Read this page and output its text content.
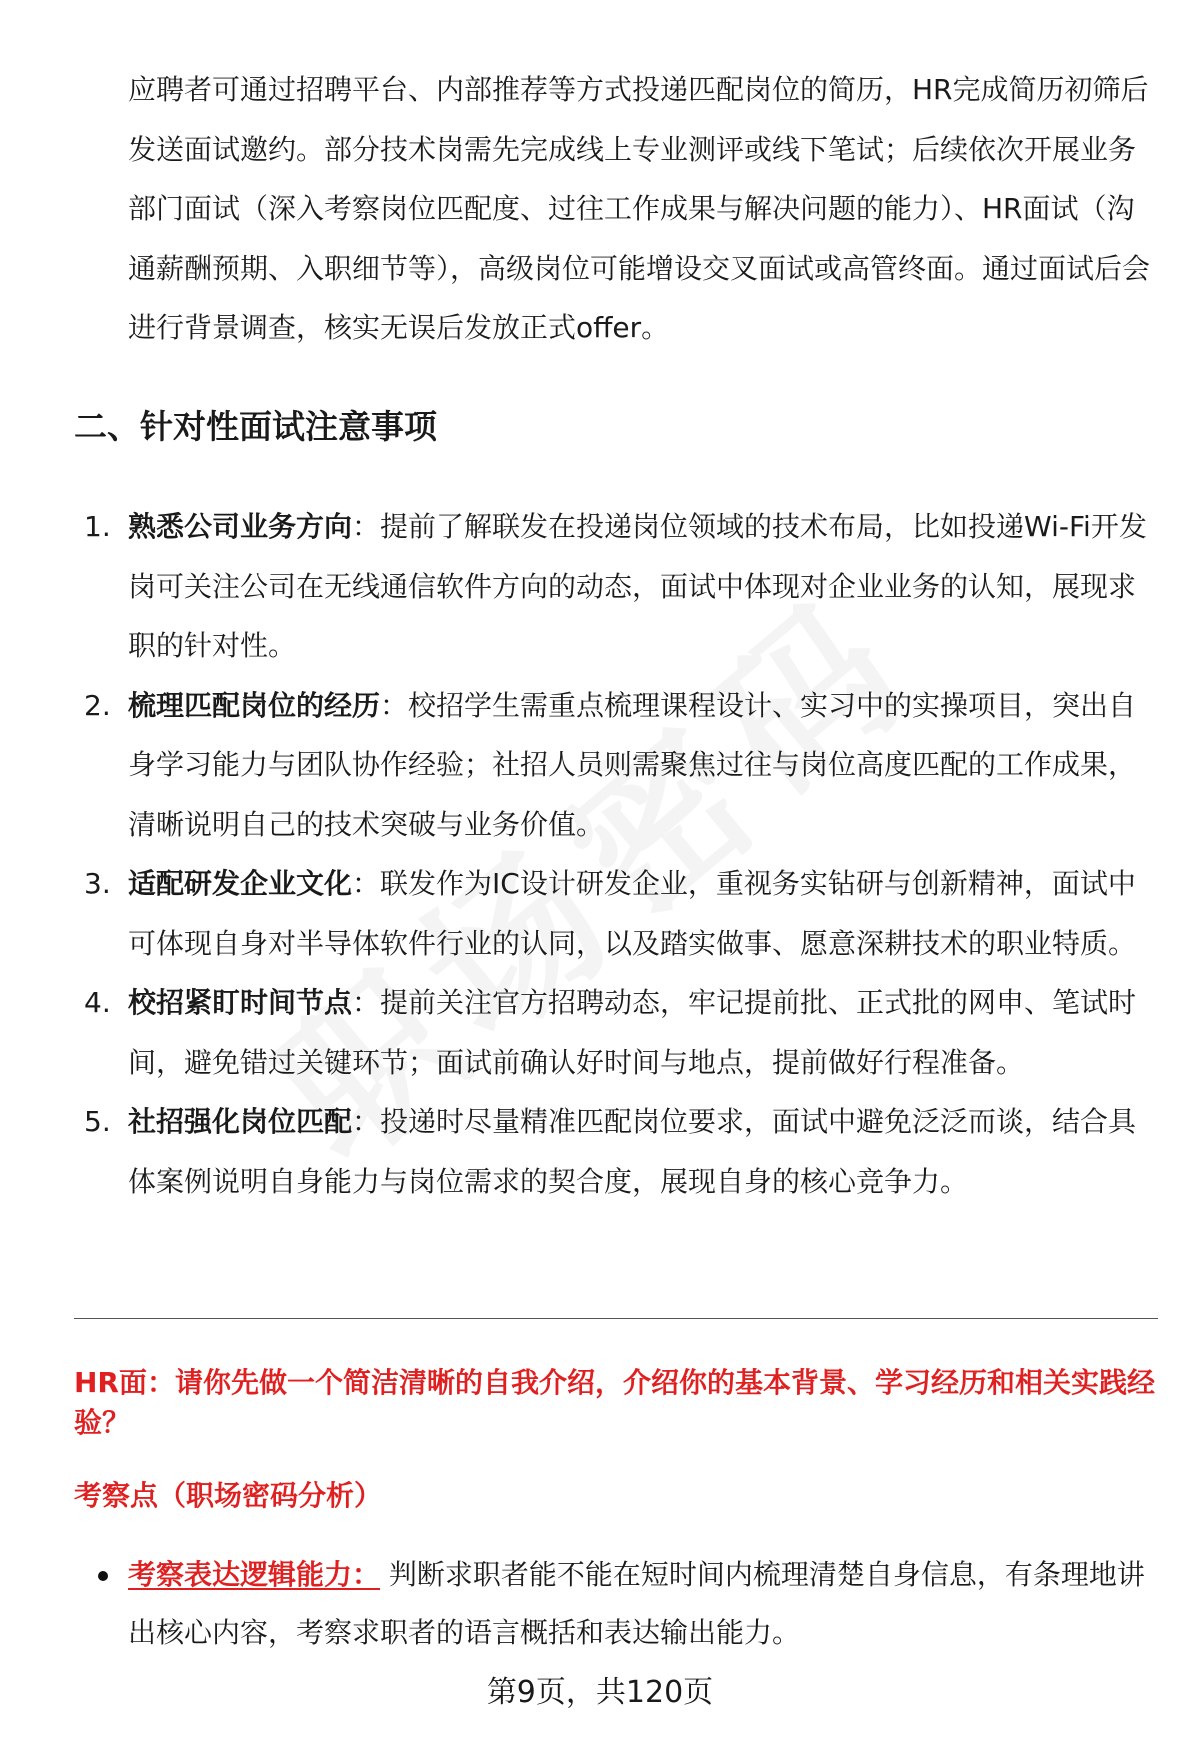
应聘者可通过招聘平台、内部推荐等方式投递匹配岗位的简历，HR完成简历初筛后发送面试邀约。部分技术岗需先完成线上专业测评或线下笔试；后续依次开展业务部门面试（深入考察岗位匹配度、过往工作成果与解决问题的能力）、HR面试（沟通薪酬预期、入职细节等），高级岗位可能增设交叉面试或高管终面。通过面试后会进行背景调查，核实无误后发放正式offer。

二、针对性面试注意事项
1. 熟悉公司业务方向：提前了解联发在投递岗位领域的技术布局，比如投递Wi-Fi开发岗可关注公司在无线通信软件方向的动态，面试中体现对企业业务的认知，展现求职的针对性。
2. 梳理匹配岗位的经历：校招学生需重点梳理课程设计、实习中的实操项目，突出自身学习能力与团队协作经验；社招人员则需聚焦过往与岗位高度匹配的工作成果，清晰说明自己的技术突破与业务价值。
3. 适配研发企业文化：联发作为IC设计研发企业，重视务实钻研与创新精神，面试中可体现自身对半导体软件行业的认同，以及踏实做事、愿意深耕技术的职业特质。
4. 校招紧盯时间节点：提前关注官方招聘动态，牢记提前批、正式批的网申、笔试时间，避免错过关键环节；面试前确认好时间与地点，提前做好行程准备。
5. 社招强化岗位匹配：投递时尽量精准匹配岗位要求，面试中避免泛泛而谈，结合具体案例说明自身能力与岗位需求的契合度，展现自身的核心竞争力。

HR面：请你先做一个简洁清晰的自我介绍，介绍你的基本背景、学习经历和相关实践经验？

考察点（职场密码分析）

考察表达逻辑能力： 判断求职者能不能在短时间内梳理清楚自身信息，有条理地讲出核心内容，考察求职者的语言概括和表达输出能力。

第9页，共120页
